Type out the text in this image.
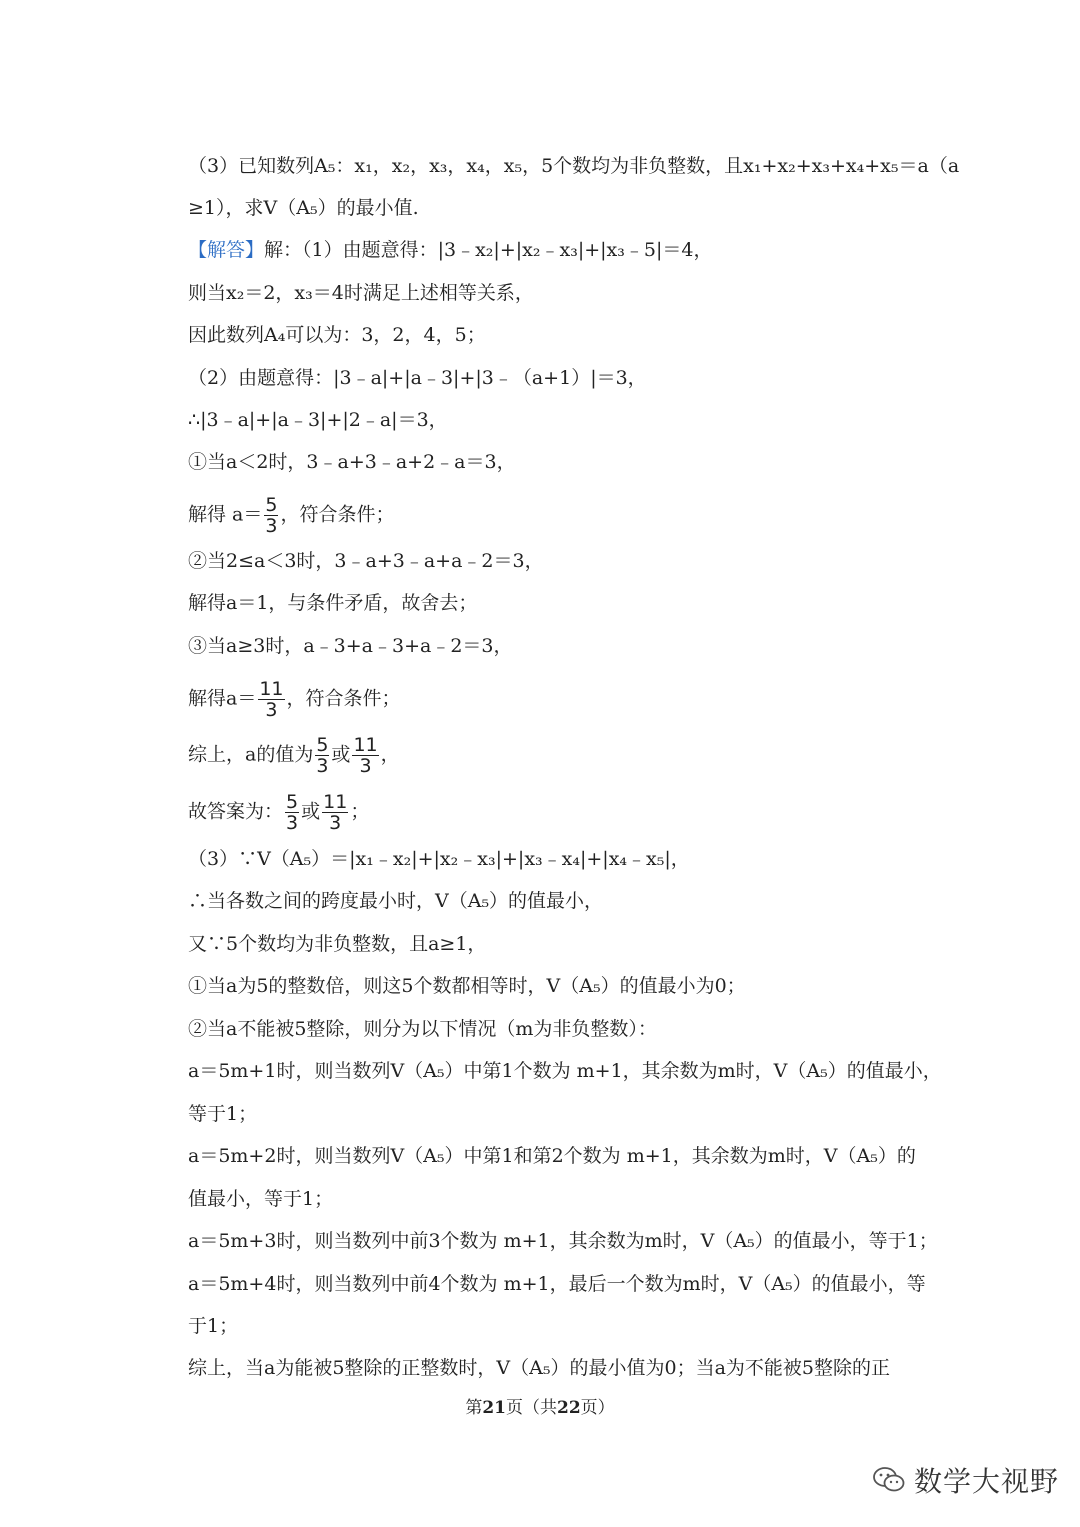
（3）已知数列A₅：x₁，x₂，x₃，x₄，x₅，5个数均为非负整数，且x₁+x₂+x₃+x₄+x₅＝a（a
≥1），求V（A₅）的最小值.
【解答】解：（1）由题意得：|3﹣x₂|+|x₂﹣x₃|+|x₃﹣5|＝4，
则当x₂＝2，x₃＝4时满足上述相等关系，
因此数列A₄可以为：3，2，4，5；
（2）由题意得：|3﹣a|+|a﹣3|+|3﹣（a+1）|＝3，
∴|3﹣a|+|a﹣3|+|2﹣a|＝3，
①当a＜2时，3﹣a+3﹣a+2﹣a＝3，
解得 $a= \frac{5}{3}$ ，符合条件；
②当2≤a＜3时，3﹣a+3﹣a+a﹣2＝3，
解得a＝1，与条件矛盾，故舍去；
③当a≥3时，a﹣3+a﹣3+a﹣2＝3，
解得$a= \frac{11}{3}$ ，符合条件；
综上，a的值为 $\frac{5}{3}$ 或 $\frac{11}{3}$ ，
故答案为： $\frac{5}{3}$ 或 $\frac{11}{3}$ ；
（3）∵V（A₅）＝|x₁﹣x₂|+|x₂﹣x₃|+|x₃﹣x₄|+|x₄﹣x₅|，
∴当各数之间的跨度最小时，V（A₅）的值最小，
又∵5个数均为非负整数，且a≥1，
①当a为5的整数倍，则这5个数都相等时，V（A₅）的值最小为0；
②当a不能被5整除，则分为以下情况（m为非负整数）：
a＝5m+1时，则当数列V（A₅）中第1个数为 m+1，其余数为m时，V（A₅）的值最小，
等于1；
a＝5m+2时，则当数列V（A₅）中第1和第2个数为 m+1，其余数为m时，V（A₅）的
值最小，等于1；
a＝5m+3时，则当数列中前3个数为 m+1，其余数为m时，V（A₅）的值最小，等于1；
a＝5m+4时，则当数列中前4个数为 m+1，最后一个数为m时，V（A₅）的值最小，等
于1；
综上，当a为能被5整除的正整数时，V（A₅）的最小值为0；当a为不能被5整除的正
第21页（共22页）
数学大视野
